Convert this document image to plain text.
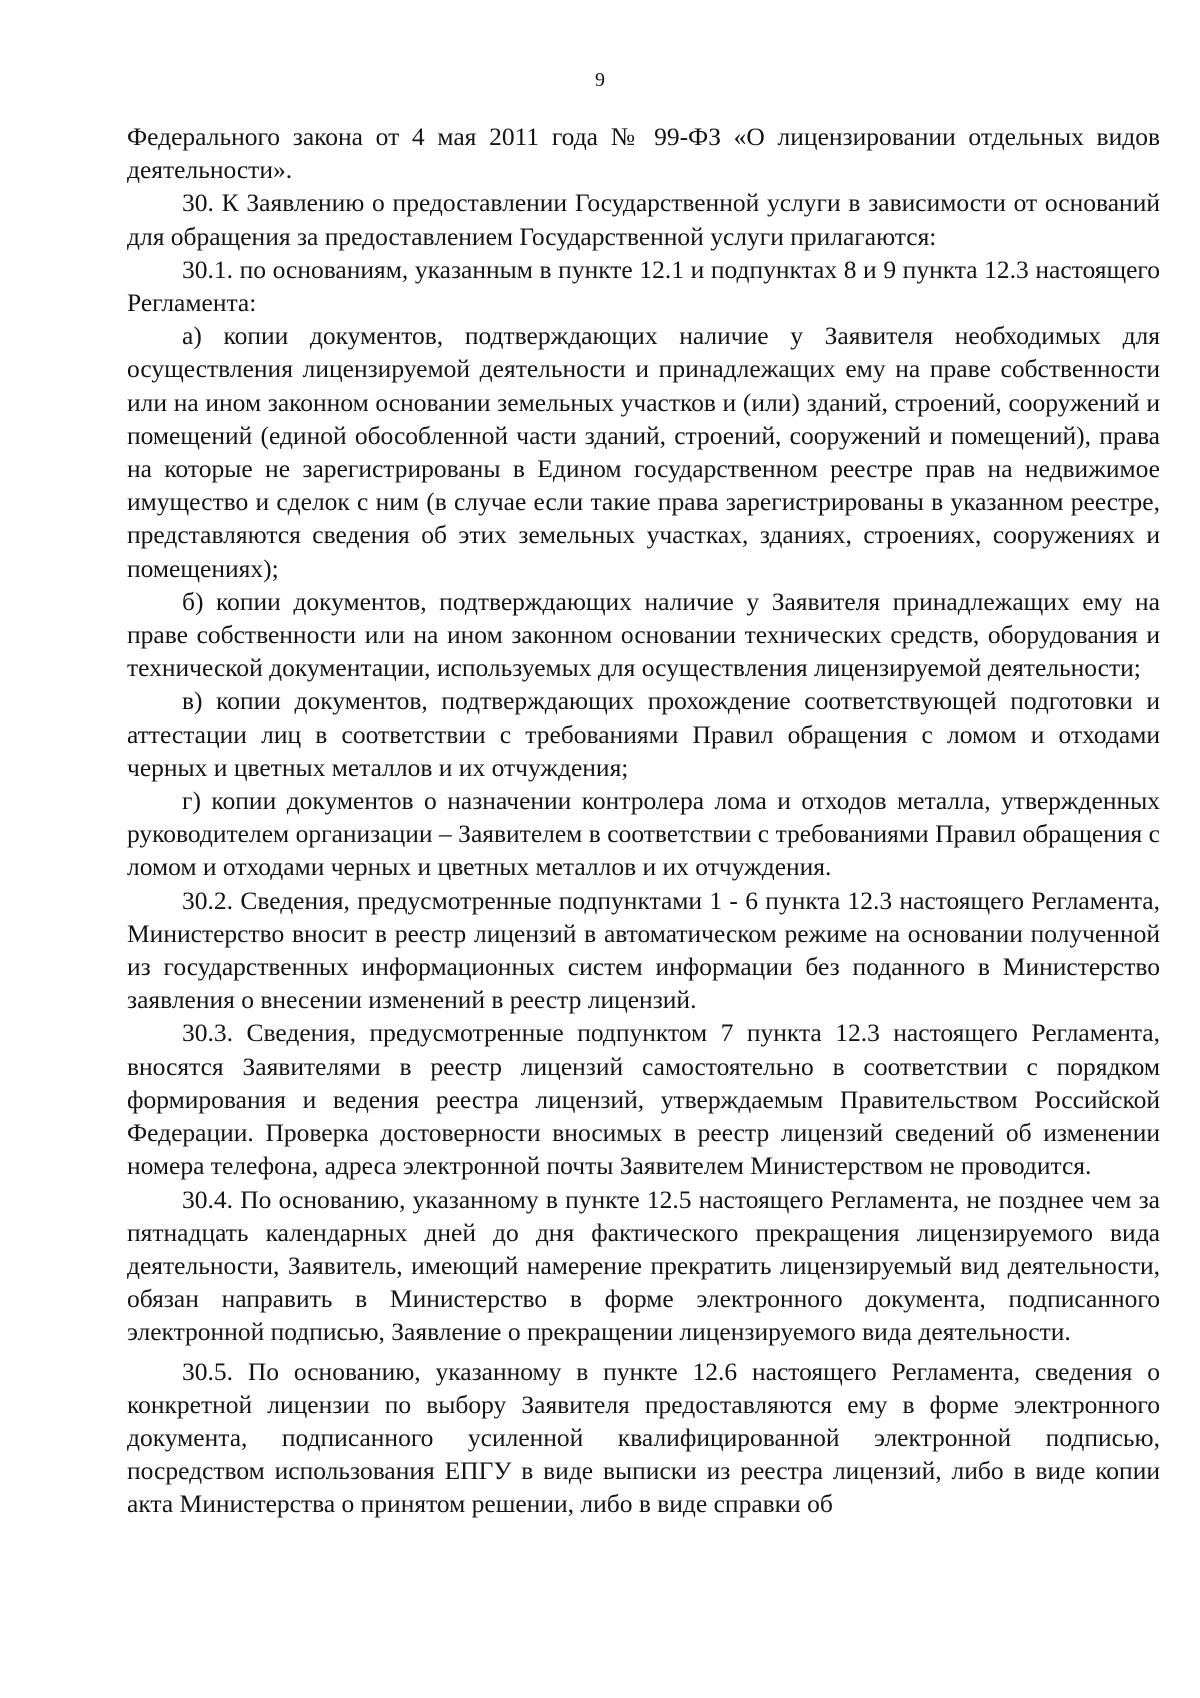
9

Федерального закона от 4 мая 2011 года № 99-ФЗ «О лицензировании отдельных видов деятельности».

30. К Заявлению о предоставлении Государственной услуги в зависимости от оснований для обращения за предоставлением Государственной услуги прилагаются:

30.1. по основаниям, указанным в пункте 12.1 и подпунктах 8 и 9 пункта 12.3 настоящего Регламента:

а) копии документов, подтверждающих наличие у Заявителя необходимых для осуществления лицензируемой деятельности и принадлежащих ему на праве собственности или на ином законном основании земельных участков и (или) зданий, строений, сооружений и помещений (единой обособленной части зданий, строений, сооружений и помещений), права на которые не зарегистрированы в Едином государственном реестре прав на недвижимое имущество и сделок с ним (в случае если такие права зарегистрированы в указанном реестре, представляются сведения об этих земельных участках, зданиях, строениях, сооружениях и помещениях);

б) копии документов, подтверждающих наличие у Заявителя принадлежащих ему на праве собственности или на ином законном основании технических средств, оборудования и технической документации, используемых для осуществления лицензируемой деятельности;

в) копии документов, подтверждающих прохождение соответствующей подготовки и аттестации лиц в соответствии с требованиями Правил обращения с ломом и отходами черных и цветных металлов и их отчуждения;

г) копии документов о назначении контролера лома и отходов металла, утвержденных руководителем организации – Заявителем в соответствии с требованиями Правил обращения с ломом и отходами черных и цветных металлов и их отчуждения.

30.2. Сведения, предусмотренные подпунктами 1 - 6 пункта 12.3 настоящего Регламента, Министерство вносит в реестр лицензий в автоматическом режиме на основании полученной из государственных информационных систем информации без поданного в Министерство заявления о внесении изменений в реестр лицензий.

30.3. Сведения, предусмотренные подпунктом 7 пункта 12.3 настоящего Регламента, вносятся Заявителями в реестр лицензий самостоятельно в соответствии с порядком формирования и ведения реестра лицензий, утверждаемым Правительством Российской Федерации. Проверка достоверности вносимых в реестр лицензий сведений об изменении номера телефона, адреса электронной почты Заявителем Министерством не проводится.

30.4. По основанию, указанному в пункте 12.5 настоящего Регламента, не позднее чем за пятнадцать календарных дней до дня фактического прекращения лицензируемого вида деятельности, Заявитель, имеющий намерение прекратить лицензируемый вид деятельности, обязан направить в Министерство в форме электронного документа, подписанного электронной подписью, Заявление о прекращении лицензируемого вида деятельности.

30.5. По основанию, указанному в пункте 12.6 настоящего Регламента, сведения о конкретной лицензии по выбору Заявителя предоставляются ему в форме электронного документа, подписанного усиленной квалифицированной электронной подписью, посредством использования ЕПГУ в виде выписки из реестра лицензий, либо в виде копии акта Министерства о принятом решении, либо в виде справки об
